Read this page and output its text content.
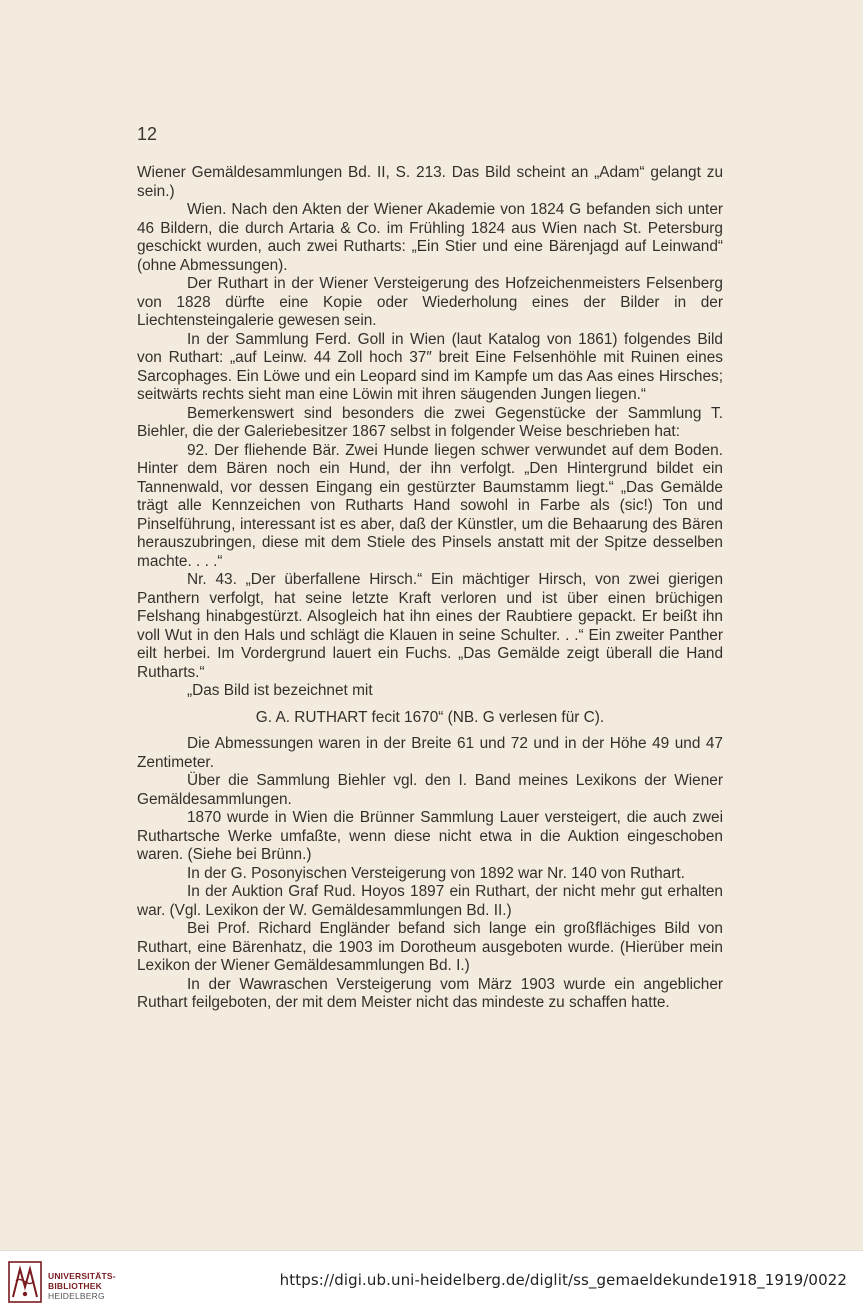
12

Wiener Gemäldesammlungen Bd. II, S. 213. Das Bild scheint an „Adam“ gelangt zu sein.)

Wien. Nach den Akten der Wiener Akademie von 1824 G befanden sich unter 46 Bildern, die durch Artaria & Co. im Frühling 1824 aus Wien nach St. Petersburg geschickt wurden, auch zwei Rutharts: „Ein Stier und eine Bärenjagd auf Leinwand“ (ohne Abmessungen).

Der Ruthart in der Wiener Versteigerung des Hofzeichenmeisters Felsenberg von 1828 dürfte eine Kopie oder Wiederholung eines der Bilder in der Liechtensteingalerie gewesen sein.

In der Sammlung Ferd. Goll in Wien (laut Katalog von 1861) folgendes Bild von Ruthart: „auf Leinw. 44 Zoll hoch 37″ breit Eine Felsenhöhle mit Ruinen eines Sarcophages. Ein Löwe und ein Leopard sind im Kampfe um das Aas eines Hirsches; seitwärts rechts sieht man eine Löwin mit ihren säugenden Jungen liegen.“

Bemerkenswert sind besonders die zwei Gegenstücke der Sammlung T. Biehler, die der Galeriebesitzer 1867 selbst in folgender Weise beschrieben hat:

92. Der fliehende Bär. Zwei Hunde liegen schwer verwundet auf dem Boden. Hinter dem Bären noch ein Hund, der ihn verfolgt. „Den Hintergrund bildet ein Tannenwald, vor dessen Eingang ein gestürzter Baumstamm liegt.“ „Das Gemälde trägt alle Kennzeichen von Rutharts Hand sowohl in Farbe als (sic!) Ton und Pinselführung, interessant ist es aber, daß der Künstler, um die Behaarung des Bären herauszubringen, diese mit dem Stiele des Pinsels anstatt mit der Spitze desselben machte. . . .“

Nr. 43. „Der überfallene Hirsch.“ Ein mächtiger Hirsch, von zwei gierigen Panthern verfolgt, hat seine letzte Kraft verloren und ist über einen brüchigen Felshang hinabgestürzt. Alsogleich hat ihn eines der Raubtiere gepackt. Er beißt ihn voll Wut in den Hals und schlägt die Klauen in seine Schulter. . .“ Ein zweiter Panther eilt herbei. Im Vordergrund lauert ein Fuchs. „Das Gemälde zeigt überall die Hand Rutharts.“

„Das Bild ist bezeichnet mit

G. A. RUTHART fecit 1670“ (NB. G verlesen für C).

Die Abmessungen waren in der Breite 61 und 72 und in der Höhe 49 und 47 Zentimeter.

Über die Sammlung Biehler vgl. den I. Band meines Lexikons der Wiener Gemäldesammlungen.

1870 wurde in Wien die Brünner Sammlung Lauer versteigert, die auch zwei Ruthartsche Werke umfaßte, wenn diese nicht etwa in die Auktion eingeschoben waren. (Siehe bei Brünn.)

In der G. Posonyischen Versteigerung von 1892 war Nr. 140 von Ruthart.

In der Auktion Graf Rud. Hoyos 1897 ein Ruthart, der nicht mehr gut erhalten war. (Vgl. Lexikon der W. Gemäldesammlungen Bd. II.)

Bei Prof. Richard Engländer befand sich lange ein großflächiges Bild von Ruthart, eine Bärenhatz, die 1903 im Dorotheum ausgeboten wurde. (Hierüber mein Lexikon der Wiener Gemäldesammlungen Bd. I.)

In der Wawraschen Versteigerung vom März 1903 wurde ein angeblicher Ruthart feilgeboten, der mit dem Meister nicht das mindeste zu schaffen hatte.

UNIVERSITÄTS-
BIBLIOTHEK
HEIDELBERG
https://digi.ub.uni-heidelberg.de/diglit/ss_gemaeldekunde1918_1919/0022
